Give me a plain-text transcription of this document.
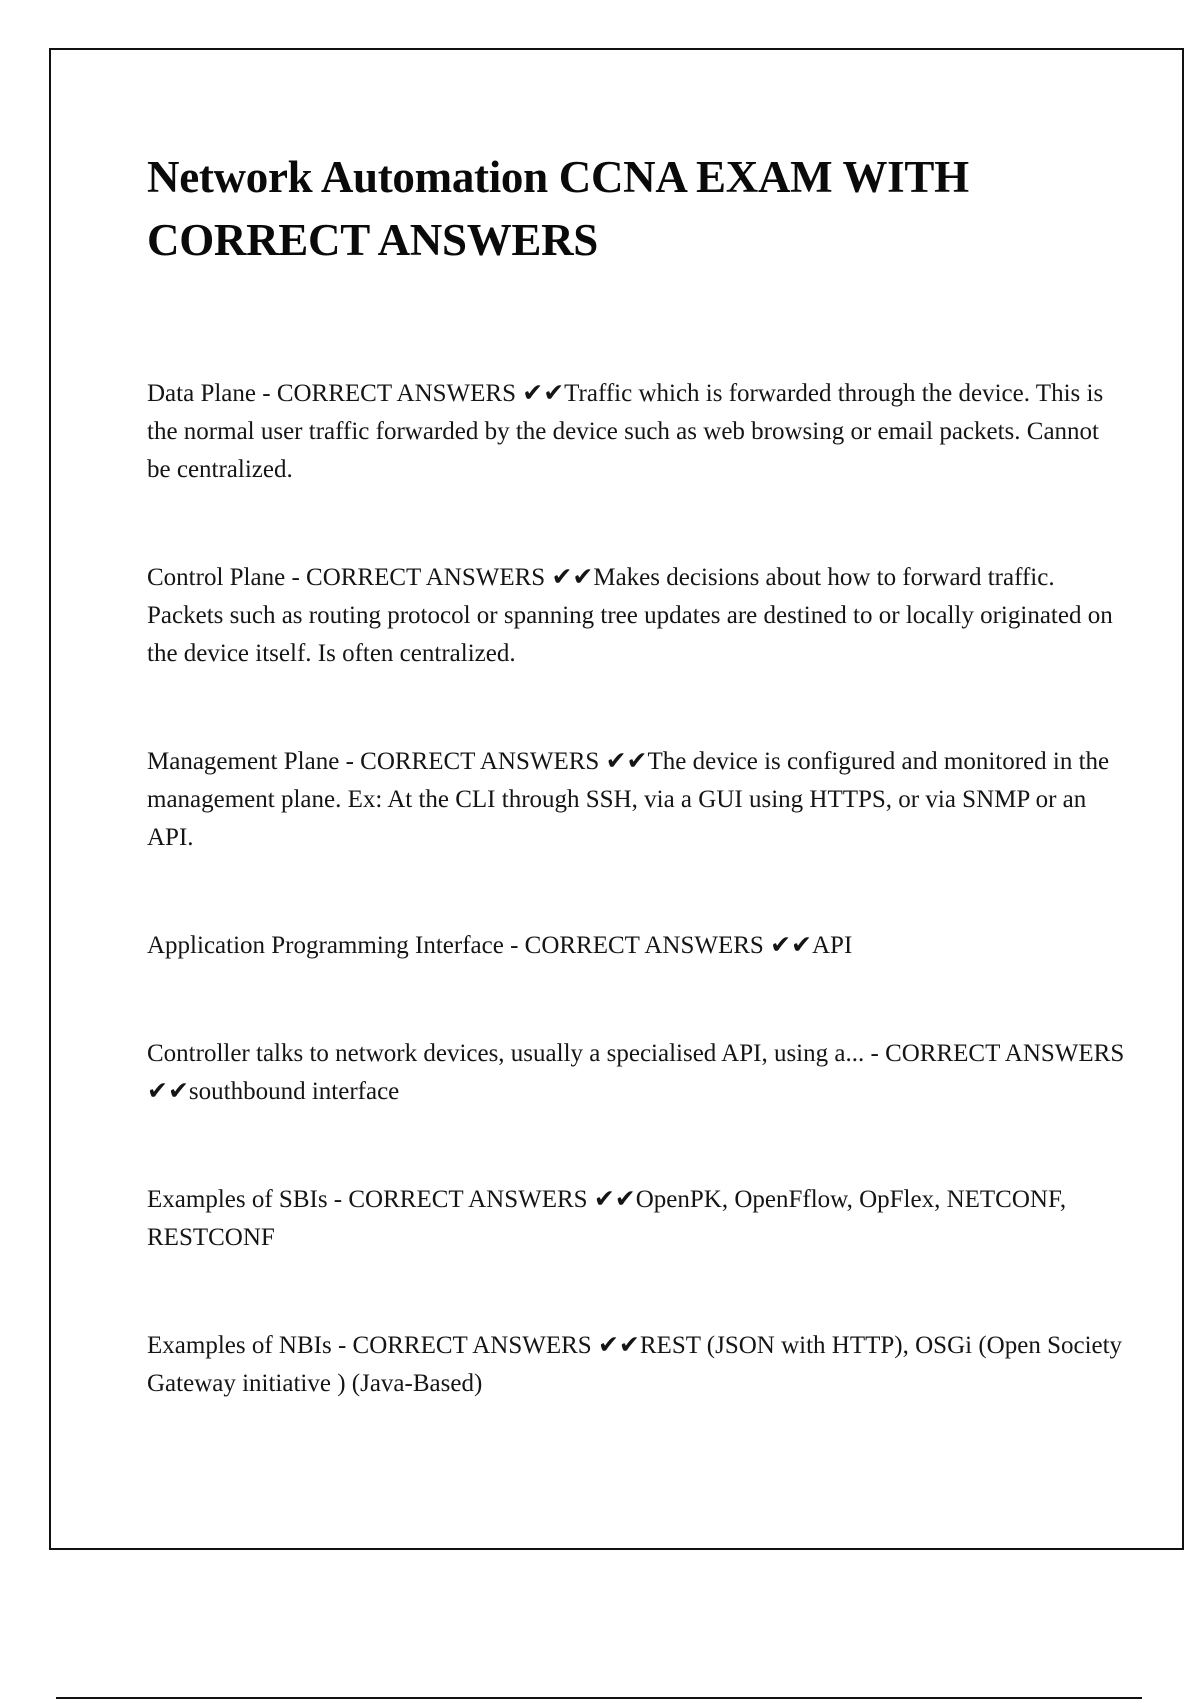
Network Automation CCNA EXAM WITH CORRECT ANSWERS

Data Plane - CORRECT ANSWERS ✔✔Traffic which is forwarded through the device. This is the normal user traffic forwarded by the device such as web browsing or email packets. Cannot be centralized.

Control Plane - CORRECT ANSWERS ✔✔Makes decisions about how to forward traffic. Packets such as routing protocol or spanning tree updates are destined to or locally originated on the device itself. Is often centralized.

Management Plane - CORRECT ANSWERS ✔✔The device is configured and monitored in the management plane. Ex: At the CLI through SSH, via a GUI using HTTPS, or via SNMP or an API.

Application Programming Interface - CORRECT ANSWERS ✔✔API

Controller talks to network devices, usually a specialised API, using a... - CORRECT ANSWERS ✔✔southbound interface

Examples of SBIs - CORRECT ANSWERS ✔✔OpenPK, OpenFflow, OpFlex, NETCONF, RESTCONF

Examples of NBIs - CORRECT ANSWERS ✔✔REST (JSON with HTTP), OSGi (Open Society Gateway initiative ) (Java-Based)
